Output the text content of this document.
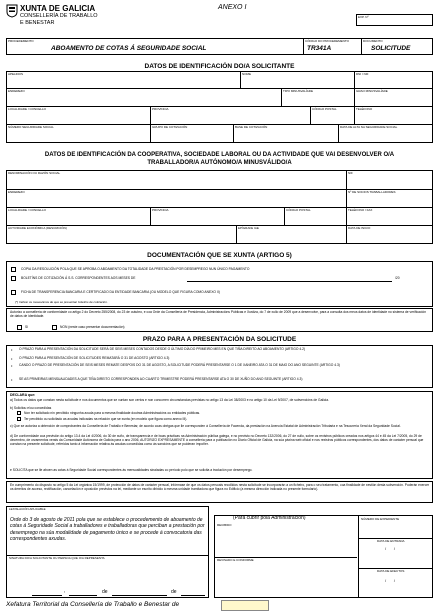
XUNTA DE GALICIA
CONSELLERÍA DE TRABALLO
E BENESTAR
ANEXO I
EXP. Nº
PROCEDEMENTO
ABOAMENTO DE COTAS Á SEGURIDADE SOCIAL
CÓDIGO DO PROCEDEMENTO
TR341A
DOCUMENTO
SOLICITUDE
DATOS DE IDENTIFICACIÓN DO/A SOLICITANTE
APELIDOS	NOME	DNI / NIF
ENDEREZO	TIPO MINUSVALÍADE	GRAO MINUSVALÍADE
LOCALIDADE / CONCELLO	PROVINCIA	CÓDIGO POSTAL	TELÉFONO
NÚMERO SEGURIDADE SOCIAL	GRUPO DE COTIZACIÓN	BASE DE COTIZACIÓN	DATA DE ALTA NA SEGURIDADE SOCIAL
DATOS DE IDENTIFICACIÓN DA COOPERATIVA, SOCIEDADE LABORAL OU DA ACTIVIDADE QUE VAI DESENVOLVER O/A
TRABALLADOR/A AUTÓNOMO/A MINUSVÁLIDO/A
DENOMINACIÓN OU RAZÓN SOCIAL	NIF
ENDEREZO	Nº DE SOCIOS TRABALLADORES
LOCALIDADE / CONCELLO	PROVINCIA	CÓDIGO POSTAL	TELÉFONO / FAX
ACTIVIDADE ECONÓMICA (DESCRICIÓN)	EPÍGRAFE IAE	DATA DE INICIO
DOCUMENTACIÓN QUE SE XUNTA (ARTIGO 5)
COPIA DA RESOLUCIÓN POLA QUE SE APROBA O ABOAMENTO DA TOTALIDADE DA PRESTACIÓN POR DESEMPREGO NUN ÚNICO PAGAMENTO
BOLETÍNS DE COTIZACIÓN Á S.S. CORRESPONDENTES AOS MESES DE	/20
FICHA DE TRANSFERENCIA BANCARIA E CERTIFICADO DA ENTIDADE BANCARIA (OU MODELO QUE FIGURA COMO ANEXO II)
(*) Indicar os meses/anos de que se presentan boletíns de cotización.
Autorizo a consellería de conformidade co artigo 2 do Decreto 255/2008, do 23 de outubro, e coa Orde da Consellería de Presidencia, Administracións Públicas e Xustiza, do 7 de xullo de 2009 que a desenvolve, para a consulta dos meus datos de identidade no sistema de verificación de datos de identidade.
SI	NON (neste caso presentar documentación)
PRAZO PARA A PRESENTACIÓN DA SOLICITUDE
• O PRAZO PARA A PRESENTACIÓN DA SOLICITUDE SERÁ DE SEIS MESES CONTADOS DESDE O ÚLTIMO DÍA DO PRIMEIRO MES EN QUE TIÑA DIREITO AO ABOAMENTO (ARTIGO 4.2)
• O PRAZO PARA A PRESENTACIÓN DE SOLICITUDES REMATARÁ O 31 DE AGOSTO (ARTIGO 4.3)
• CANDO O PRAZO DE PRESENTACIÓN DE SEIS MESES REMATE DESPOIS DO 31 DE AGOSTO, A SOLICITUDE PODERÁ PRESENTARSE O 1 DE XANEIRO ATA O 31 DE MAIO DO ANO SEGUINTE (ARTIGO 4.3)
• SE AS PRIMEIRAS MENSUALIDADES A QUE TIÑA DIREITO CORRESPONDEN AO CUARTO TRIMESTRE PODERÁ PRESENTARSE ATA O 30 DE XUÑO DO ANO SEGUINTE (ARTIGO 4.3)
DECLARA que:
a) Todos os datos que constan nesta solicitude e nos documentos que se xuntan son certos e non concorren circunstancias previstas no artigo 13 da Lei 38/2003 e no artigo 10 da Lei 9/2007, de subvencións de Galicia.
b) Solicitou e/ou concedidas
Non ter solicitado nin percibido ningunha axuda para a mesma finalidade doutras Administracións ou entidades públicas.
Ter percibido ou solicitado as axudas indicadas na relación que se xunta (en modelo que figura como anexo III).
c) Que se autoriza a obtención de comprobantes da Consellería de Traballo e Benestar, de acordo coas obrigas que lle corresponden á Consellería de Facenda, da prestación na Axencia Estatal de Administración Tributaria e na Tesourería Xeral da Seguridade Social.
d) De conformidade coa previsión do artigo 13.4 da Lei 4/2006, do 30 de xuño, de transparencia e de boas prácticas na Administración pública galega, e no previsto no Decreto 132/2006, do 27 de xullo, sobre os rexistros públicos creados nos artigos 44 e 45 da Lei 7/2005, do 29 de decembro, de orzamentos xerais da Comunidade Autónoma de Galicia para o ano 2006, AUTORIZO EXPRESAMENTE á consellería para a publicación no Diario Oficial de Galicia, na súa páxina web oficial e nos rexistros públicos correspondentes, dos datos de carácter persoal que constan na presente solicitude, referidos tanto á información relativa ás axudas concedidas como ás sancións que se puideran impoñer.
e SOLICITA que se lle aboen as cotas á Seguridade Social correspondentes ás mensualidades sinaladas co período polo que se solicita a tradución por desemprego.
En cumprimento do disposto no artigo 5 da Lei orgánica 15/1999, de protección de datos de carácter persoal, infórmase de que os datos persoais recollidos nesta solicitude se incorporarán a un ficheiro, para o seu tratamento, coa finalidade de xestión desta subvención. Poderán exercer os dereitos de acceso, rectificación, cancelación e oposición previstos na lei, mediante un escrito dirixido á mesma unidade tramitadora que figura no Edificio (a mesma dirección indicada no presente formulario).
LEXISLACIÓN APLICABLE
Orde do 3 de agosto de 2011 pola que se establece o procedemento de aboamento de cotas á Seguridade Social a traballadores e traballadoras que perciban a prestación por desemprego na súa modalidade de pagamento único e se procede á convocatoria das correspondentes axudas.
SINATURA DO/A SOLICITANTE OU PERSOA QUE O/A REPRESENTA
,	de	de
(Para cubrir pola Administración)
RECIBIDO
REVISADO E CONFORME
NÚMERO DE EXPEDIENTE
DATA DE ENTRADA
/       /
DATA DE EFECTOS
/       /
Xefatura Territorial da Consellería de Traballo e Benestar de
